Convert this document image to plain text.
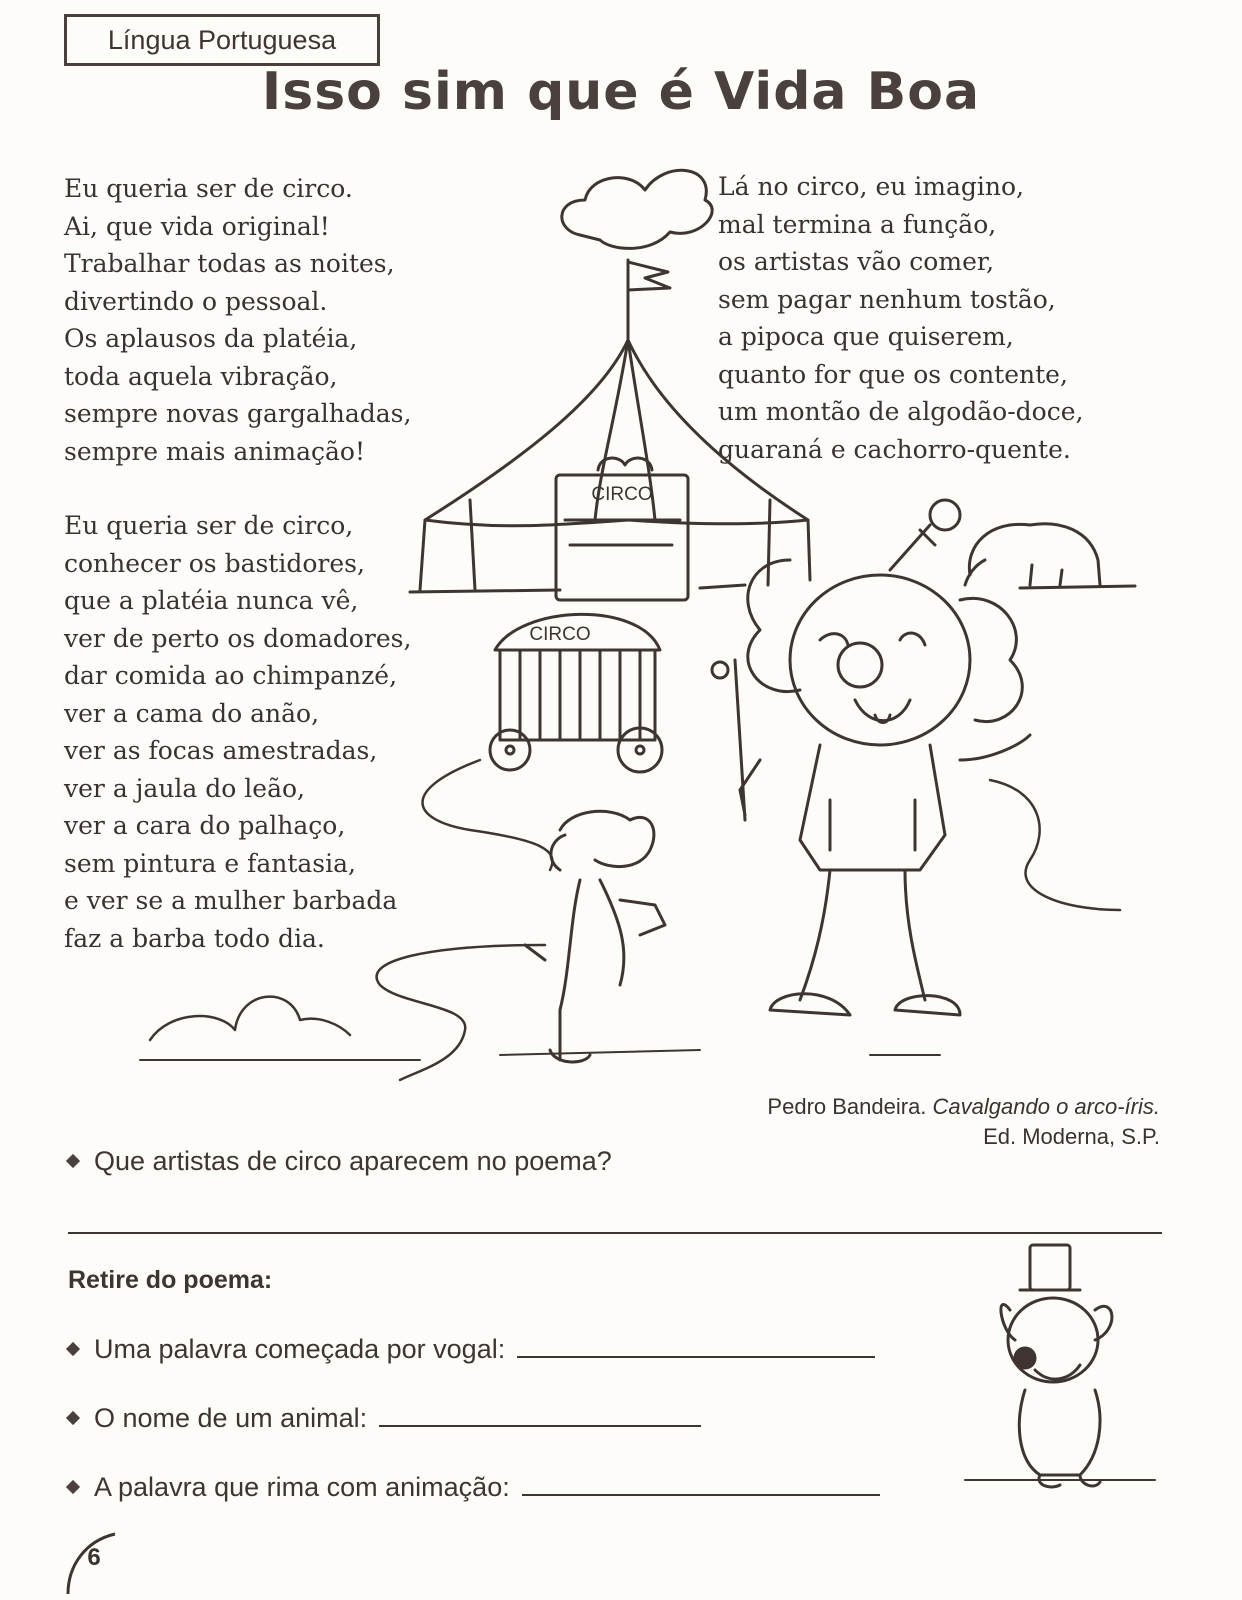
Língua Portuguesa
Isso sim que é Vida Boa
Eu queria ser de circo.
Ai, que vida original!
Trabalhar todas as noites,
divertindo o pessoal.
Os aplausos da platéia,
toda aquela vibração,
sempre novas gargalhadas,
sempre mais animação!
Eu queria ser de circo,
conhecer os bastidores,
que a platéia nunca vê,
ver de perto os domadores,
dar comida ao chimpanzé,
ver a cama do anão,
ver as focas amestradas,
ver a jaula do leão,
ver a cara do palhaço,
sem pintura e fantasia,
e ver se a mulher barbada
faz a barba todo dia.
Lá no circo, eu imagino,
mal termina a função,
os artistas vão comer,
sem pagar nenhum tostão,
a pipoca que quiserem,
quanto for que os contente,
um montão de algodão-doce,
guaraná e cachorro-quente.
CIRCO
CIRCO
Pedro Bandeira. Cavalgando o arco-íris.
Ed. Moderna, S.P.
Que artistas de circo aparecem no poema?
Retire do poema:
Uma palavra começada por vogal:
O nome de um animal:
A palavra que rima com animação:
6
